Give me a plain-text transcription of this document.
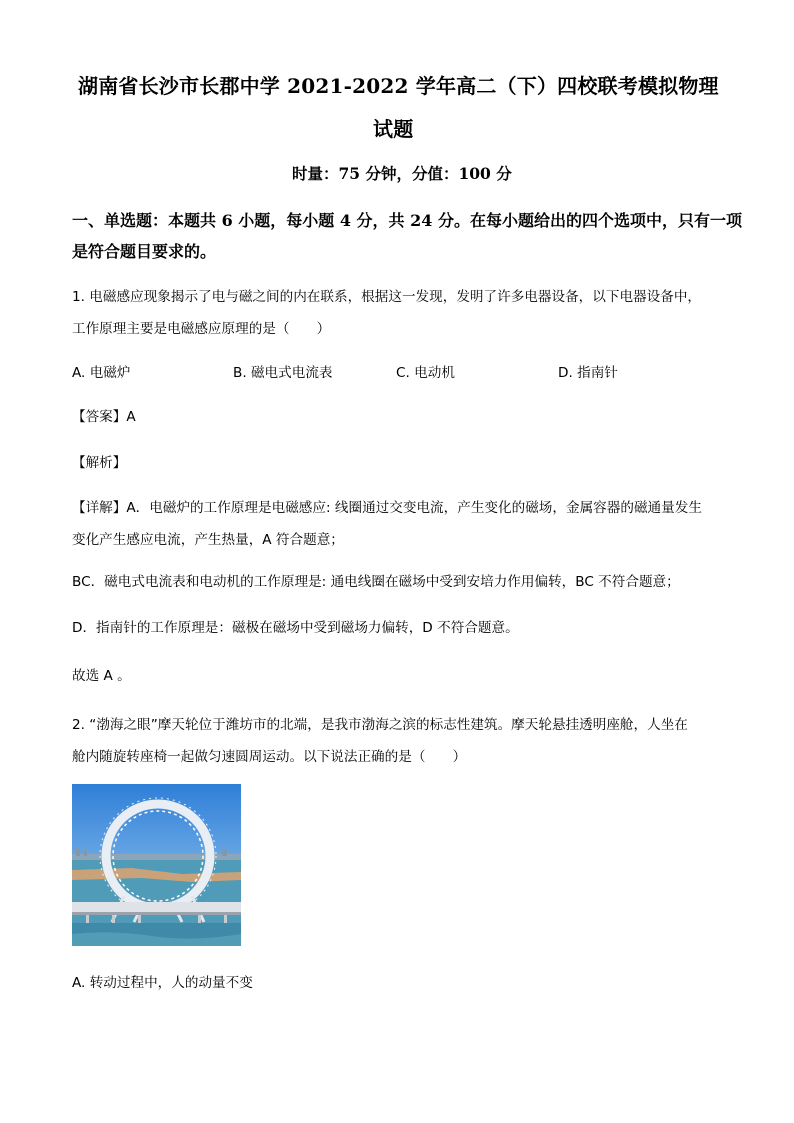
湖南省长沙市长郡中学 2021-2022 学年高二（下）四校联考模拟物理
试题
时量：75 分钟，分值：100 分
一、单选题：本题共 6 小题，每小题 4 分，共 24 分。在每小题给出的四个选项中，只有一项
是符合题目要求的。
1. 电磁感应现象揭示了电与磁之间的内在联系，根据这一发现，发明了许多电器设备，以下电器设备中，
工作原理主要是电磁感应原理的是（　　）
A. 电磁炉	B. 磁电式电流表	C. 电动机	D. 指南针
【答案】A
【解析】
【详解】A．电磁炉的工作原理是电磁感应: 线圈通过交变电流，产生变化的磁场，金属容器的磁通量发生
变化产生感应电流，产生热量，A 符合题意；
BC．磁电式电流表和电动机的工作原理是: 通电线圈在磁场中受到安培力作用偏转，BC 不符合题意；
D．指南针的工作原理是：磁极在磁场中受到磁场力偏转，D 不符合题意。
故选 A 。
2. “渤海之眼”摩天轮位于潍坊市的北端，是我市渤海之滨的标志性建筑。摩天轮悬挂透明座舱，人坐在
舱内随旋转座椅一起做匀速圆周运动。以下说法正确的是（　　）
A. 转动过程中，人的动量不变
